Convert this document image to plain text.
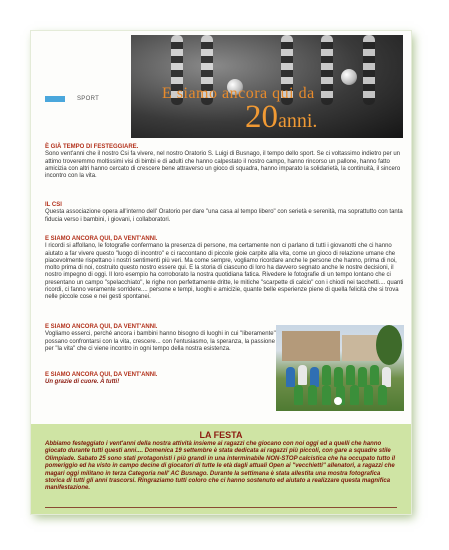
E siamo ancora qui da
20anni.
SPORT
È GIÀ TEMPO DI FESTEGGIARE.

Sono vent'anni che il nostro Csi fa vivere, nel nostro Oratorio S. Luigi di Busnago, il tempo dello sport. Se ci voltassimo indietro per un attimo troveremmo moltissimi visi di bimbi e di adulti che hanno calpestato il nostro campo, hanno rincorso un pallone, hanno fatto amicizia con altri hanno cercato di crescere bene attraverso un gioco di squadra, hanno imparato la solidarietà, la continuità, il sincero incontro con la vita.

IL CSI

Questa associazione opera all'interno dell' Oratorio per dare "una casa al tempo libero" con serietà e serenità, ma soprattutto con tanta fiducia verso i bambini, i giovani, i collaboratori.

E SIAMO ANCORA QUI, DA VENT'ANNI.

I ricordi si affollano, le fotografie confermano la presenza di persone, ma certamente non ci parlano di tutti i giovanotti che ci hanno aiutato a far vivere questo "luogo di incontro" e ci raccontano di piccole gioie carpite alla vita, come un gioco di relazione umane che piacevolmente rispettano i nostri sentimenti più veri. Ma come sempre, vogliamo ricordare anche le persone che hanno, prima di noi, molto prima di noi, costruito questo nostro essere qui. E la storia di ciascuno di loro ha davvero segnato anche le nostre decisioni, il nostro impegno di oggi. Il loro esempio ha corroborato la nostra quotidiana fatica. Rivedere le fotografie di un tempo lontano che ci presentano un campo "spelacchiato", le righe non perfettamente dritte, le mitiche "scarpette di calcio" con i chiodi nei tacchetti.... quanti ricordi, ci fanno veramente sorridere.... persone e tempi, luoghi e amicizie, quante belle esperienze piene di quella felicità che si trova nelle piccole cose e nei gesti spontanei.

E SIAMO ANCORA QUI, DA VENT'ANNI.

Vogliamo esserci, perché ancora i bambini hanno bisogno di luoghi in cui "liberamente" possano confrontarsi con la vita, crescere... con l'entusiasmo, la speranza, la passione per "la vita" che ci viene incontro in ogni tempo della nostra esistenza.

E SIAMO ANCORA QUI, DA VENT'ANNI.

Un grazie di cuore. A tutti!

LA FESTA

Abbiamo festeggiato i vent'anni della nostra attività insieme ai ragazzi che giocano con noi oggi ed a quelli che hanno giocato durante tutti questi anni.... Domenica 19 settembre è stata dedicata ai ragazzi più piccoli, con gare a squadre stile Olimpiade. Sabato 25 sono stati protagonisti i più grandi in una interminabile NON-STOP calcistica che ha occupato tutto il pomeriggio ed ha visto in campo decine di giocatori di tutte le età dagli attuali Open ai "vecchietti" allenatori, a ragazzi che magari oggi militano in terza Categoria nell' AC Busnago. Durante la settimana è stata allestita una mostra fotografica storica di tutti gli anni trascorsi. Ringraziamo tutti coloro che ci hanno sostenuto ed aiutato a realizzare questa magnifica manifestazione.
